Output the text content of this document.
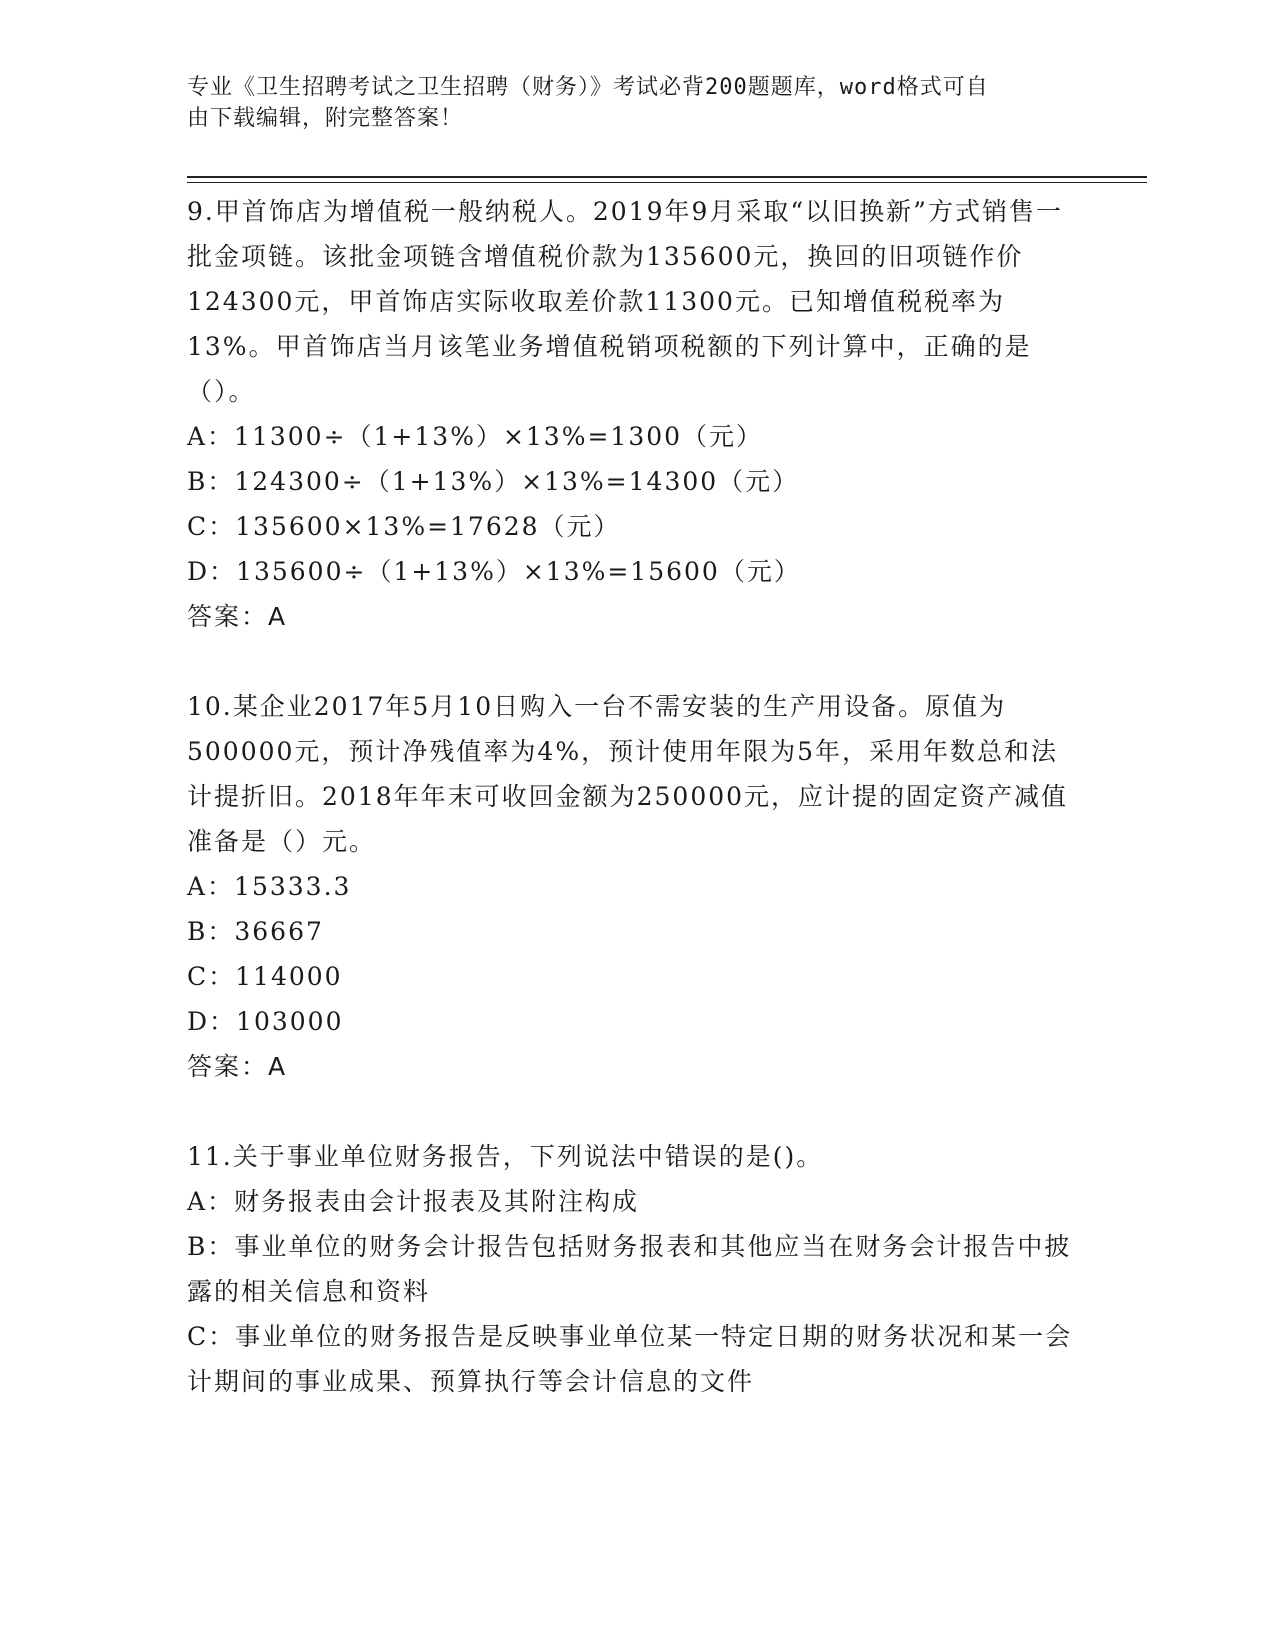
专业《卫生招聘考试之卫生招聘（财务）》考试必背200题题库，word格式可自
由下载编辑，附完整答案！
9.甲首饰店为增值税一般纳税人。2019年9月采取“以旧换新”方式销售一批金项链。该批金项链含增值税价款为135600元，换回的旧项链作价124300元，甲首饰店实际收取差价款11300元。已知增值税税率为13%。甲首饰店当月该笔业务增值税销项税额的下列计算中，正确的是（）。
A：11300÷（1+13%）×13%=1300（元）
B：124300÷（1+13%）×13%=14300（元）
C：135600×13%=17628（元）
D：135600÷（1+13%）×13%=15600（元）
答案：A
10.某企业2017年5月10日购入一台不需安装的生产用设备。原值为500000元，预计净残值率为4%，预计使用年限为5年，采用年数总和法计提折旧。2018年年末可收回金额为250000元，应计提的固定资产减值准备是（）元。
A：15333.3
B：36667
C：114000
D：103000
答案：A
11.关于事业单位财务报告，下列说法中错误的是()。
A：财务报表由会计报表及其附注构成
B：事业单位的财务会计报告包括财务报表和其他应当在财务会计报告中披露的相关信息和资料
C：事业单位的财务报告是反映事业单位某一特定日期的财务状况和某一会计期间的事业成果、预算执行等会计信息的文件
